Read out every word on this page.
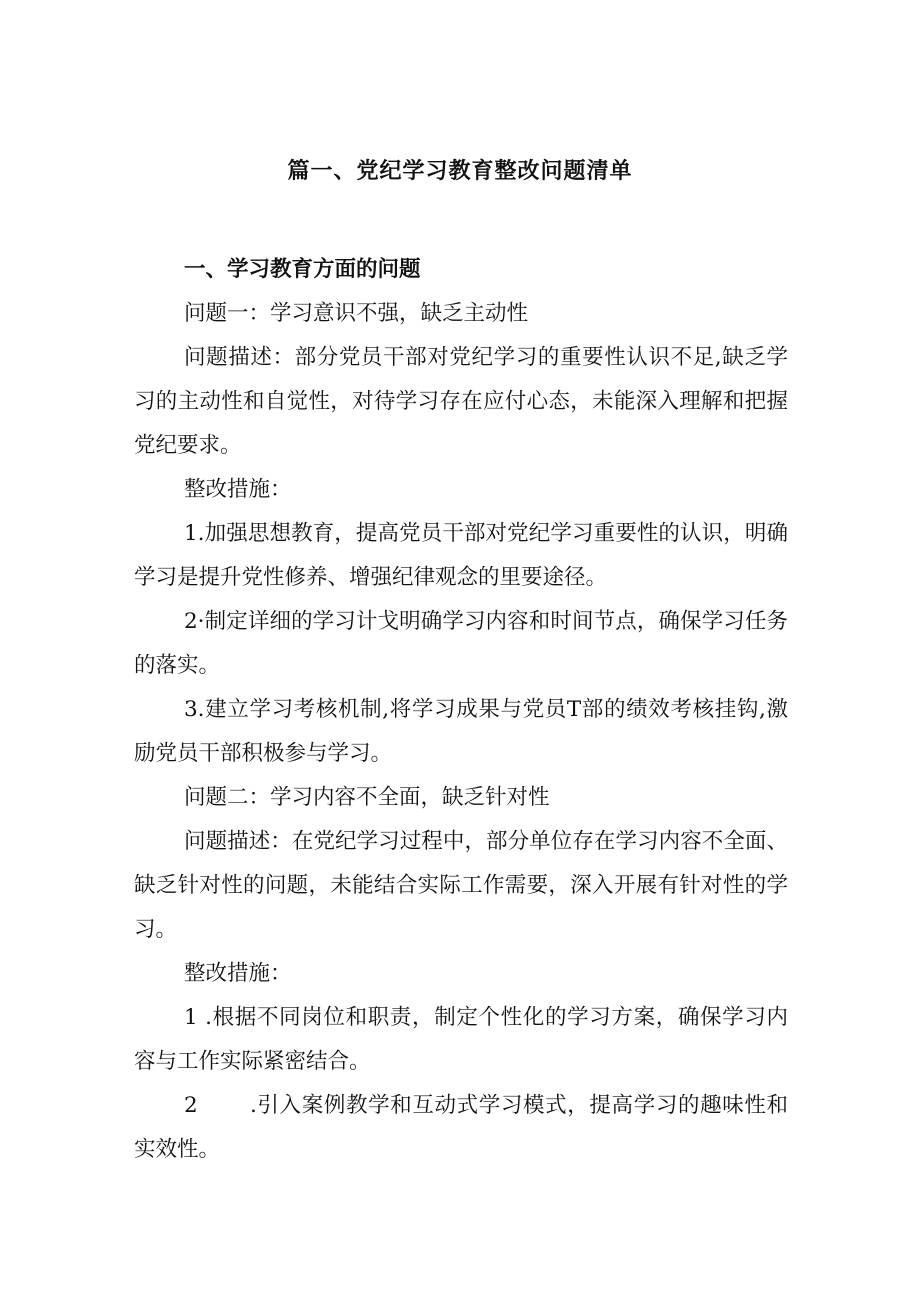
篇一、党纪学习教育整改问题清单

一、学习教育方面的问题

问题一：学习意识不强，缺乏主动性

问题描述：部分党员干部对党纪学习的重要性认识不足,缺乏学习的主动性和自觉性，对待学习存在应付心态，未能深入理解和把握党纪要求。

整改措施：

1.加强思想教育，提高党员干部对党纪学习重要性的认识，明确学习是提升党性修养、增强纪律观念的里要途径。

2·制定详细的学习计戈明确学习内容和时间节点，确保学习任务的落实。

3.建立学习考核机制,将学习成果与党员T部的绩效考核挂钩,激励党员干部积极参与学习。

问题二：学习内容不全面，缺乏针对性

问题描述：在党纪学习过程中，部分单位存在学习内容不全面、缺乏针对性的问题，未能结合实际工作需要，深入开展有针对性的学习。

整改措施：

1 .根据不同岗位和职责，制定个性化的学习方案，确保学习内容与工作实际紧密结合。

2       .引入案例教学和互动式学习模式，提高学习的趣味性和实效性。
